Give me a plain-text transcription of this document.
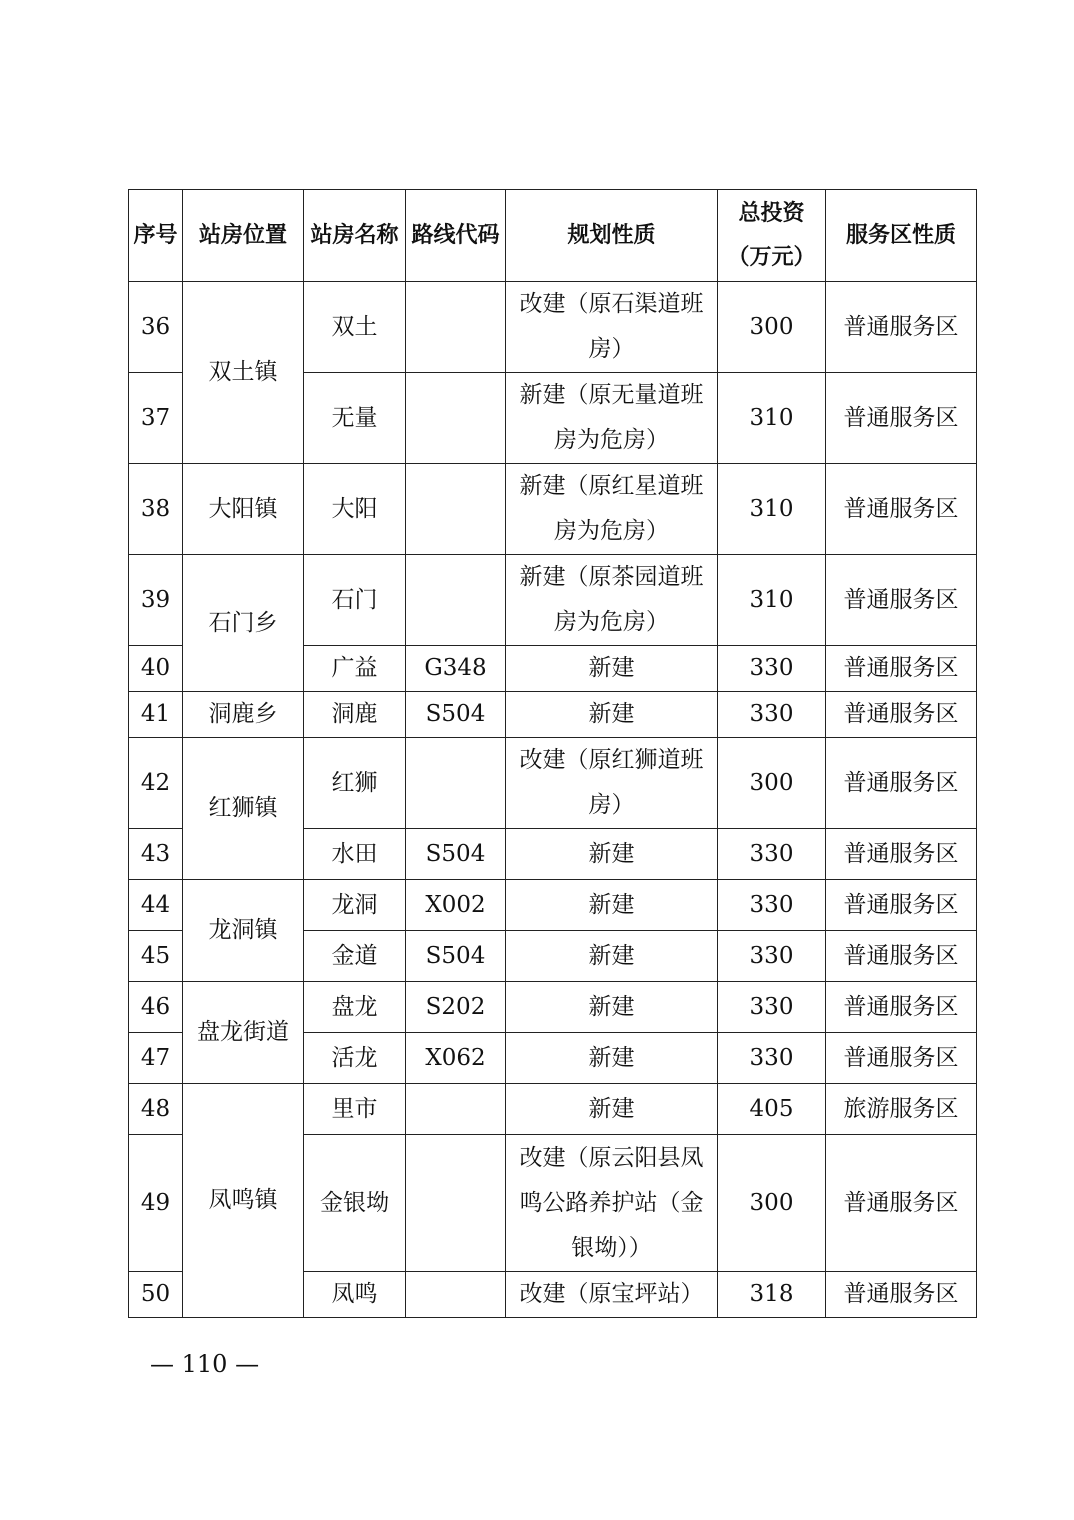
序号	站房位置	站房名称	路线代码	规划性质	总投资（万元）	服务区性质
36	双土镇	双土		改建（原石渠道班房）	300	普通服务区
37		无量		新建（原无量道班房为危房）	310	普通服务区
38	大阳镇	大阳		新建（原红星道班房为危房）	310	普通服务区
39	石门乡	石门		新建（原茶园道班房为危房）	310	普通服务区
40		广益	G348	新建	330	普通服务区
41	洞鹿乡	洞鹿	S504	新建	330	普通服务区
42	红狮镇	红狮		改建（原红狮道班房）	300	普通服务区
43		水田	S504	新建	330	普通服务区
44	龙洞镇	龙洞	X002	新建	330	普通服务区
45		金道	S504	新建	330	普通服务区
46	盘龙街道	盘龙	S202	新建	330	普通服务区
47		活龙	X062	新建	330	普通服务区
48	凤鸣镇	里市		新建	405	旅游服务区
49		金银坳		改建（原云阳县凤鸣公路养护站（金银坳））	300	普通服务区
50		凤鸣		改建（原宝坪站）	318	普通服务区
— 110 —
